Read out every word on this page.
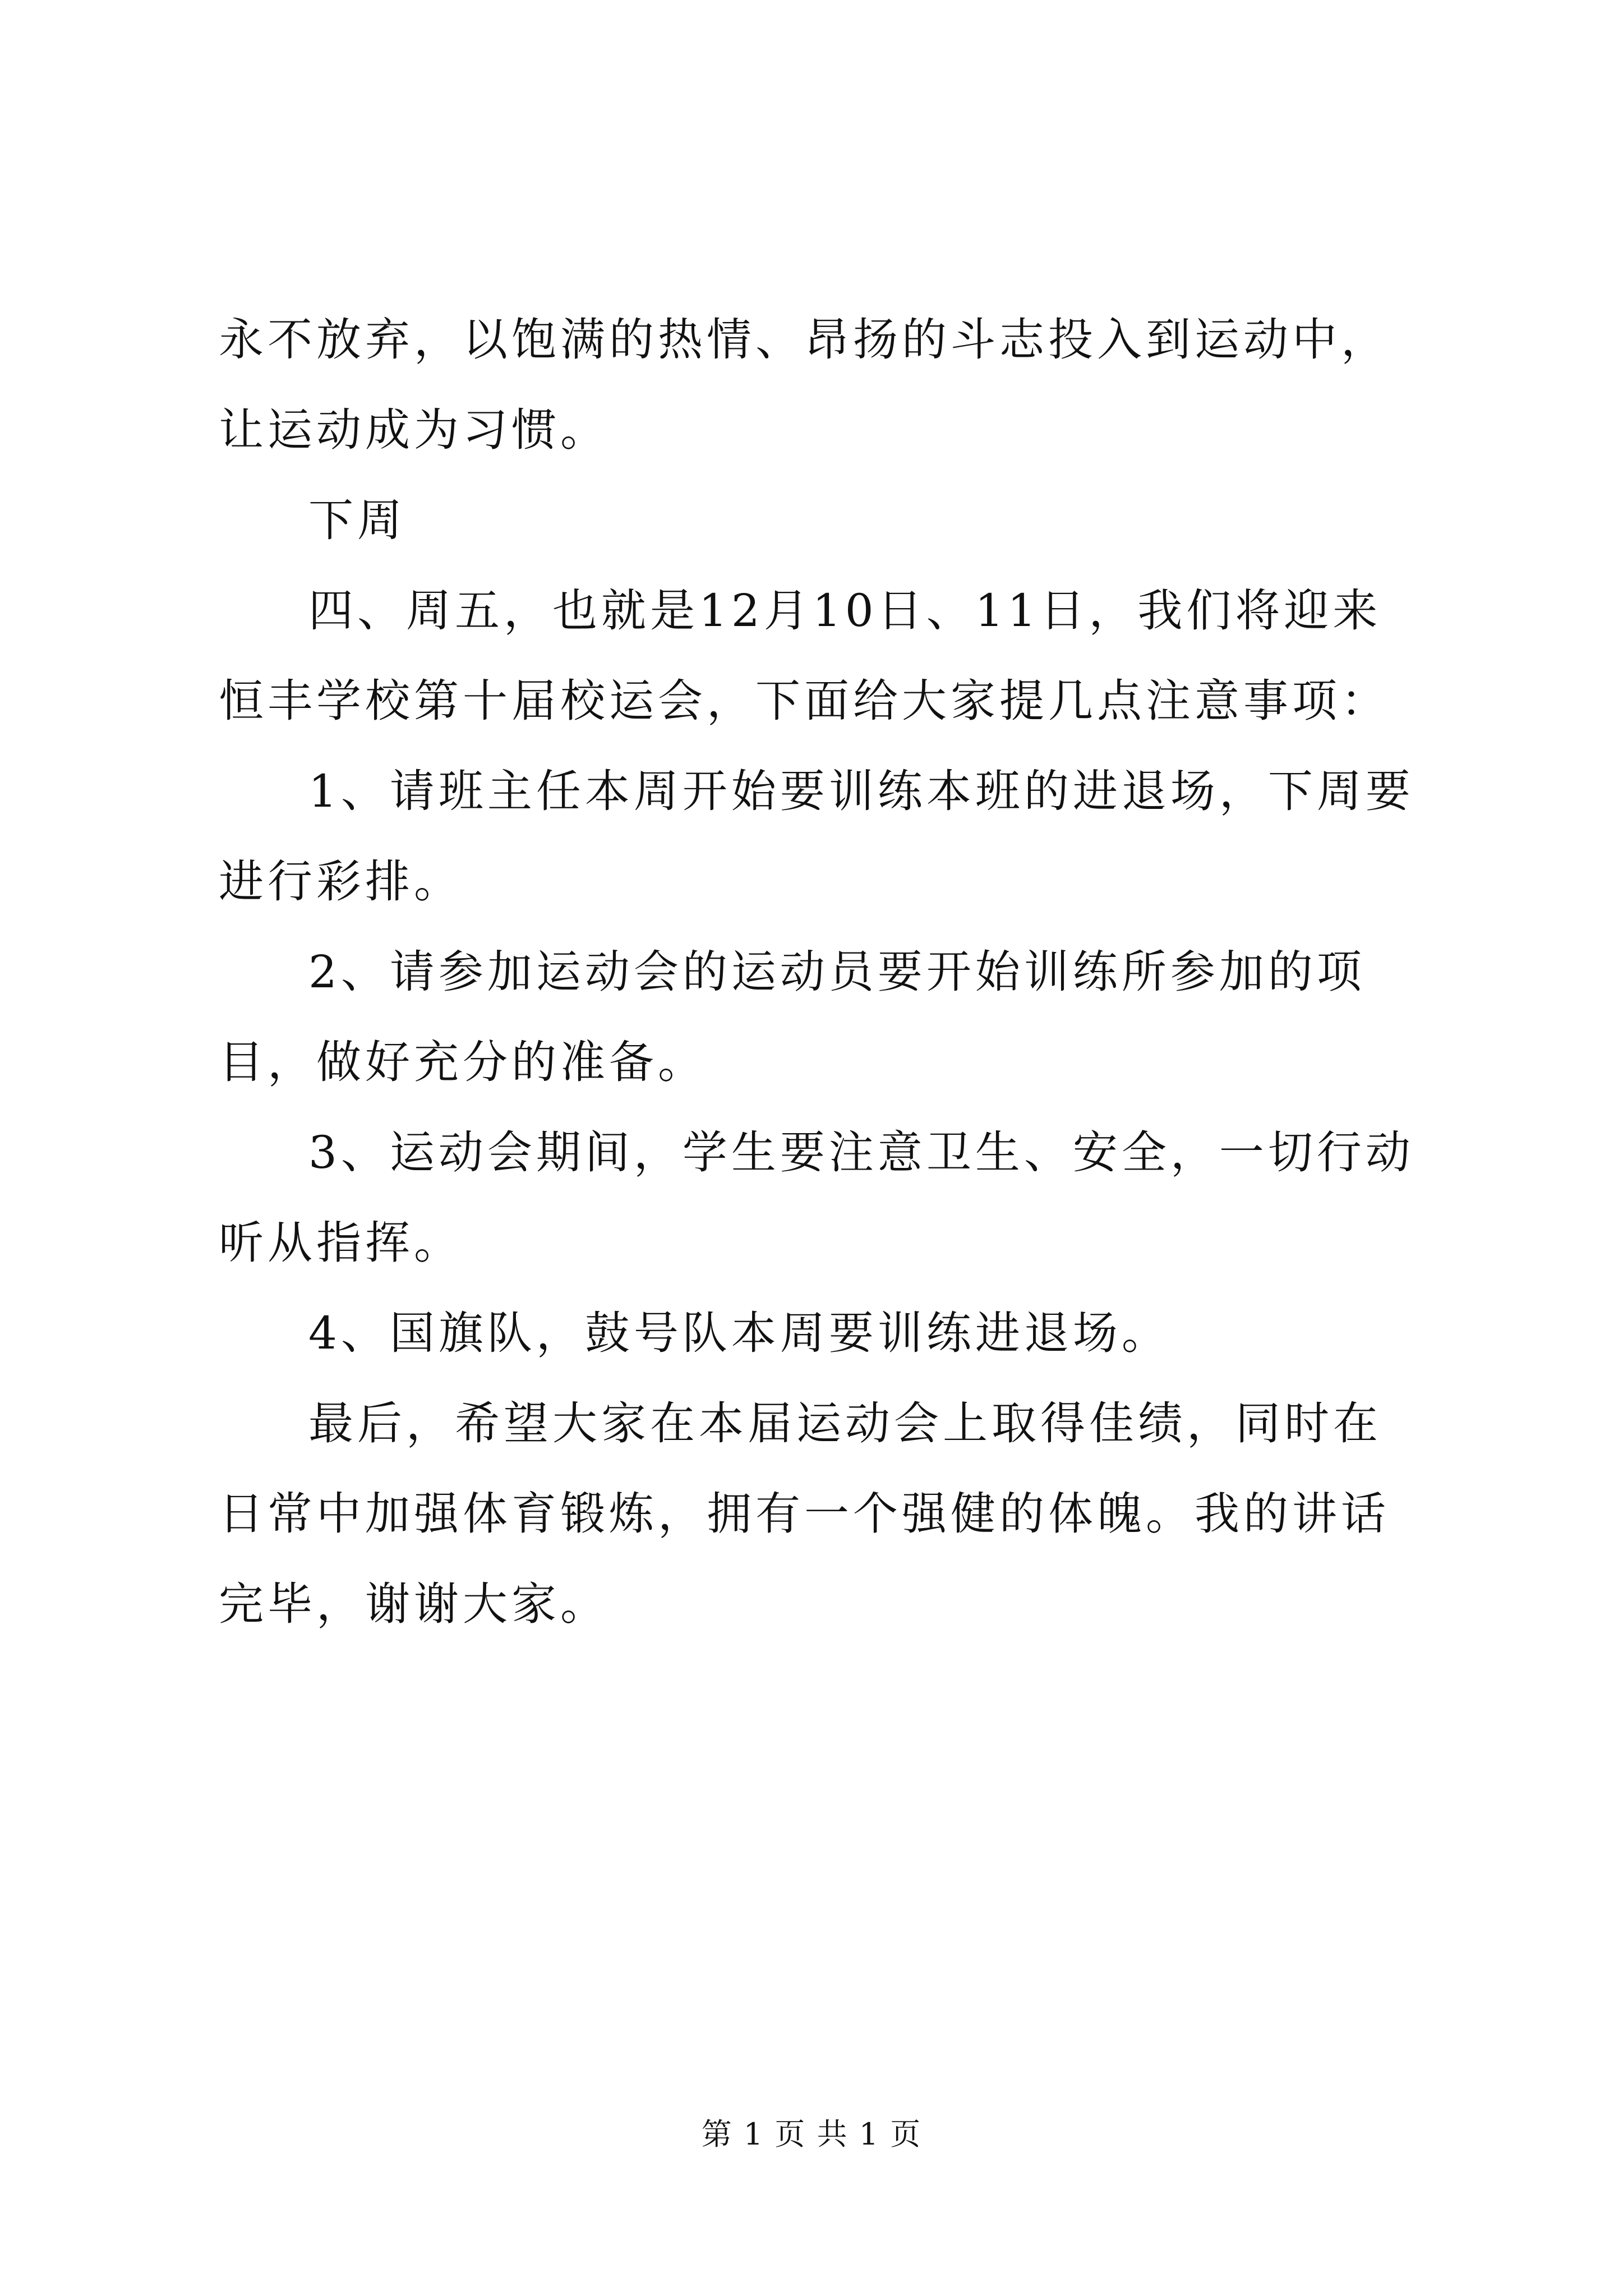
永不放弃，以饱满的热情、昂扬的斗志投入到运动中，让运动成为习惯。

下周

四、周五，也就是12月10日、11日，我们将迎来恒丰学校第十届校运会，下面给大家提几点注意事项：

1、请班主任本周开始要训练本班的进退场，下周要进行彩排。

2、请参加运动会的运动员要开始训练所参加的项目，做好充分的准备。

3、运动会期间，学生要注意卫生、安全，一切行动听从指挥。

4、国旗队，鼓号队本周要训练进退场。

最后，希望大家在本届运动会上取得佳绩，同时在日常中加强体育锻炼，拥有一个强健的体魄。我的讲话完毕，谢谢大家。

第 1 页 共 1 页
